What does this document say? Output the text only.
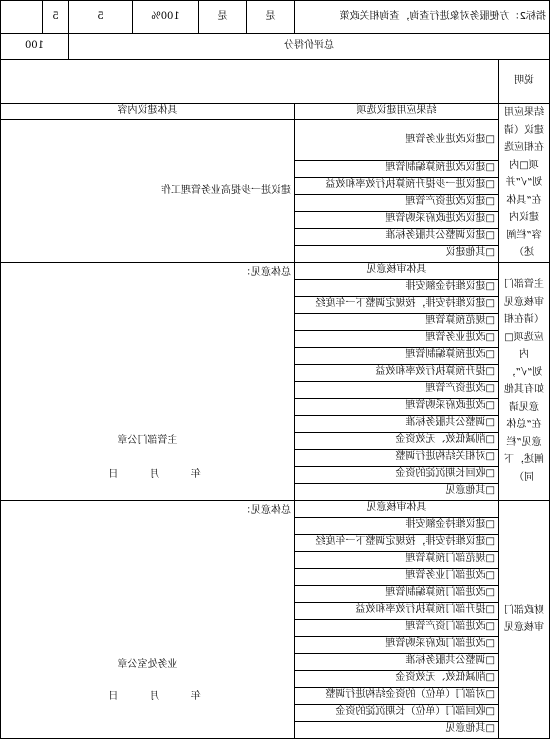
指标2：方便服务对象进行查询，查询相关政策		是	是	100%	5	5	
总评价得分						100	
说明							
结果应用建议（请在相应选项□内划“√”并在“具体建议内容”栏阐述）	结果应用建议选项	具体建议内容					
	□建议改进业务管理	建议进一步提高业务管理工作					
	□建议改进预算编制管理						
	□建议进一步提升预算执行效率和效益						
	□建议改进资产管理						
	□建议改进政府采购管理						
	□建议调整公共服务标准						
	□其他建议						
主管部门审核意见（请在相应选项□内划“√”，如有其他意见请在“总体意见”栏阐述，下同）	具体审核意见	总体意见：
主管部门公章
年 月 日					

	□建议维持金额安排						
	□建议维持安排，按规定调整下一年度经						
	□规范预算管理						
	□改进业务管理						
	□改进预算编制管理						
	□提升预算执行效率和效益						
	□改进资产管理						
	□改进政府采购管理						
	□调整公共服务标准						
	□削减低效、无效资金						
	□对相关结构进行调整						
	□收回长期沉淀的资金						
	□其他意见						
财政部门审核意见	具体审核意见	总体意见：
业务处室公章
年 月 日					

	□建议维持金额安排						
	□建议维持安排，按规定调整下一年度经						
	□规范部门预算管理						
	□改进部门业务管理						
	□改进部门预算编制管理						
	□提升部门预算执行效率和效益						
	□改进部门资产管理						
	□改进部门政府采购管理						
	□调整公共服务标准						
	□削减低效、无效资金						
	□对部门（单位）的资金结构进行调整						
	□收回部门（单位）长期沉淀的资金						
	□其他意见						
